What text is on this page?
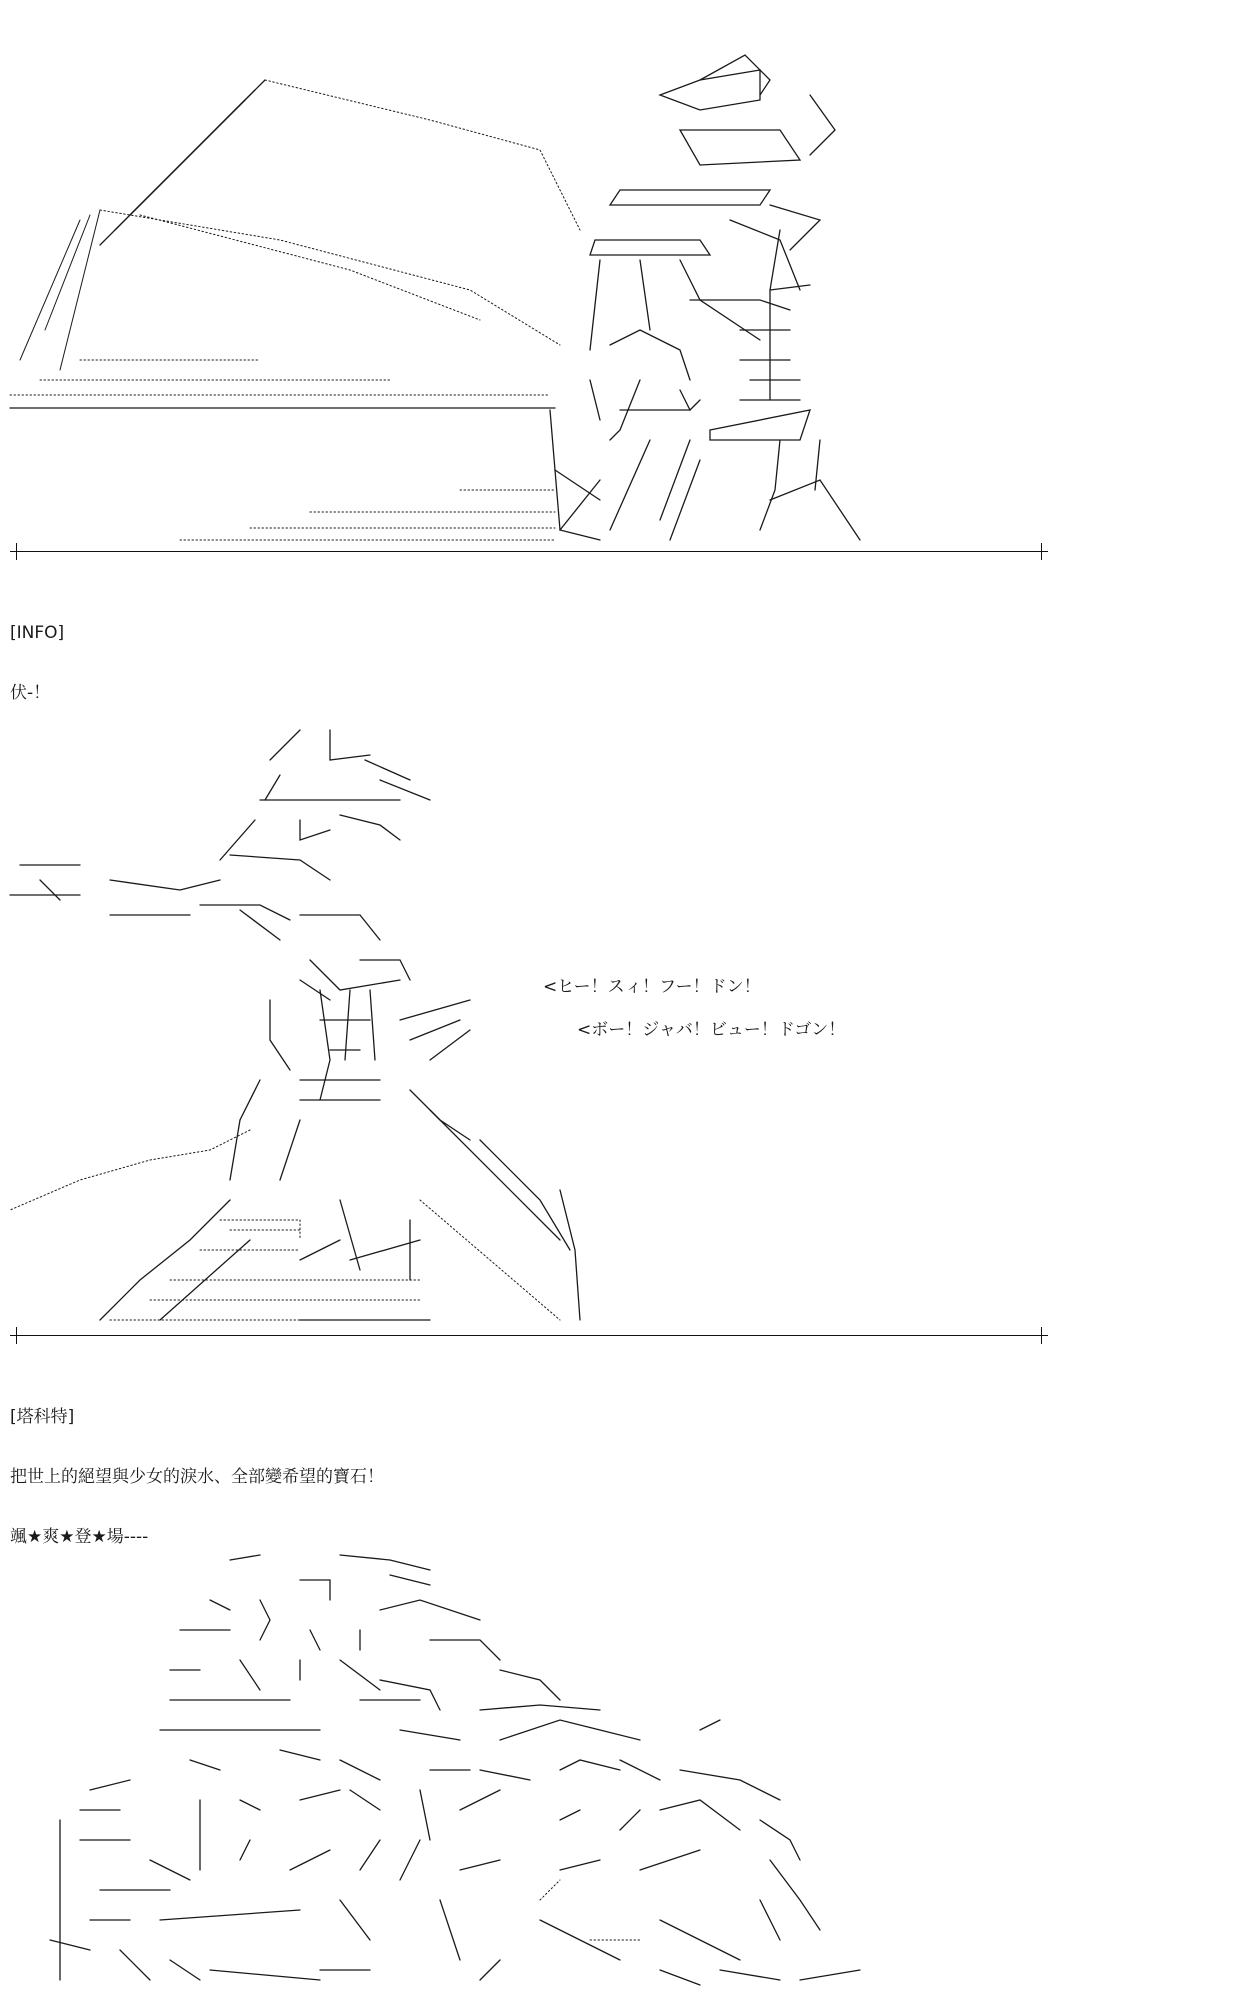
[INFO]

伏-！

<ヒー！スィ！フー！ドン！
<ボー！ジャバ！ビュー！ドゴン！

[塔科特]

把世上的絕望與少女的淚水、全部變希望的寶石！

颯★爽★登★場----
